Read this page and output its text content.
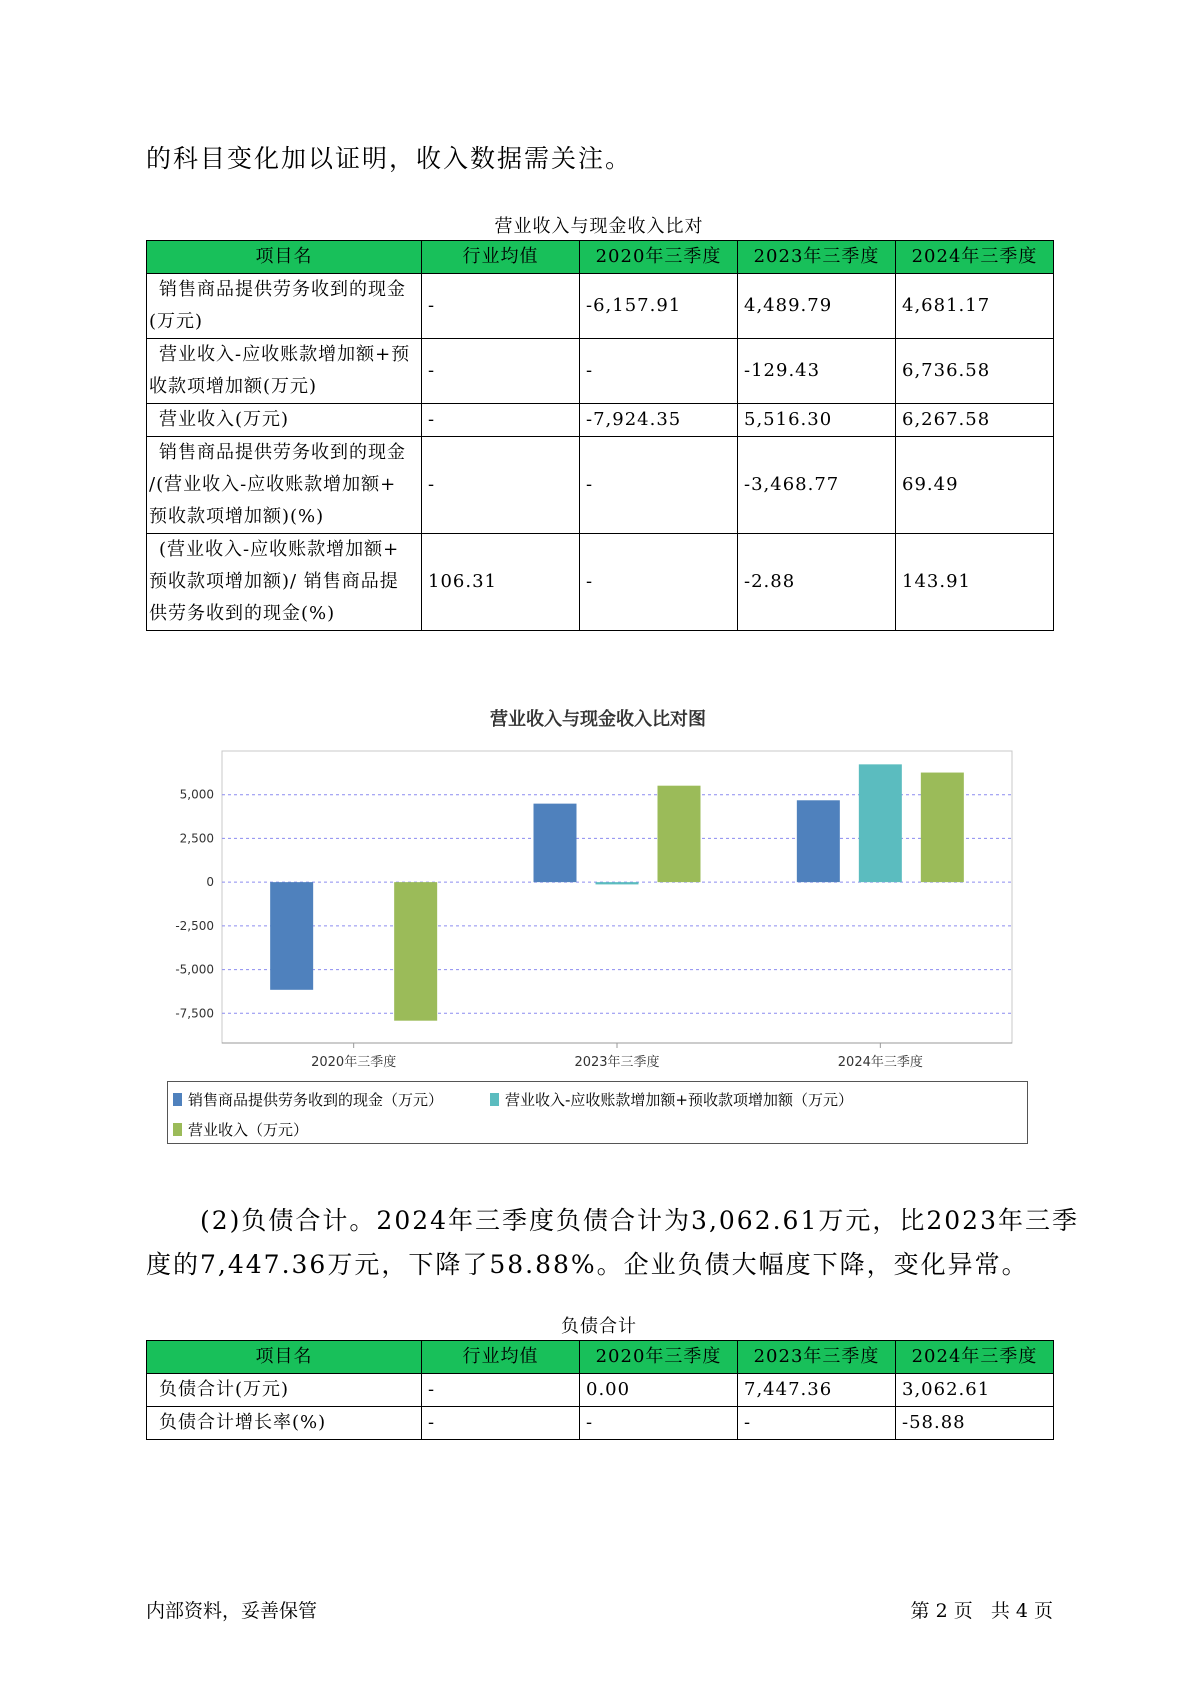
的科目变化加以证明，收入数据需关注。
营业收入与现金收入比对
项目名	行业均值	2020年三季度	2023年三季度	2024年三季度

销售商品提供劳务收到的现金
(万元)	-	-6,157.91	4,489.79	4,681.17

营业收入-应收账款增加额+预
收款项增加额(万元)	-	-	-129.43	6,736.58

营业收入(万元)	-	-7,924.35	5,516.30	6,267.58

销售商品提供劳务收到的现金
/(营业收入-应收账款增加额+
预收款项增加额)(%)	-	-	-3,468.77	69.49

(营业收入-应收账款增加额+
预收款项增加额)/ 销售商品提
供劳务收到的现金(%)	106.31	-	-2.88	143.91
营业收入与现金收入比对图
5,000
2,500
0
-2,500
-5,000
-7,500
2020年三季度	2023年三季度	2024年三季度
销售商品提供劳务收到的现金（万元）	营业收入-应收账款增加额+预收款项增加额（万元）
营业收入（万元）
(2)负债合计。2024年三季度负债合计为3,062.61万元，比2023年三季
度的7,447.36万元，下降了58.88%。企业负债大幅度下降，变化异常。
负债合计
项目名	行业均值	2020年三季度	2023年三季度	2024年三季度

负债合计(万元)	-	0.00	7,447.36	3,062.61

负债合计增长率(%)	-	-	-	-58.88
内部资料，妥善保管	第 2 页   共 4 页
